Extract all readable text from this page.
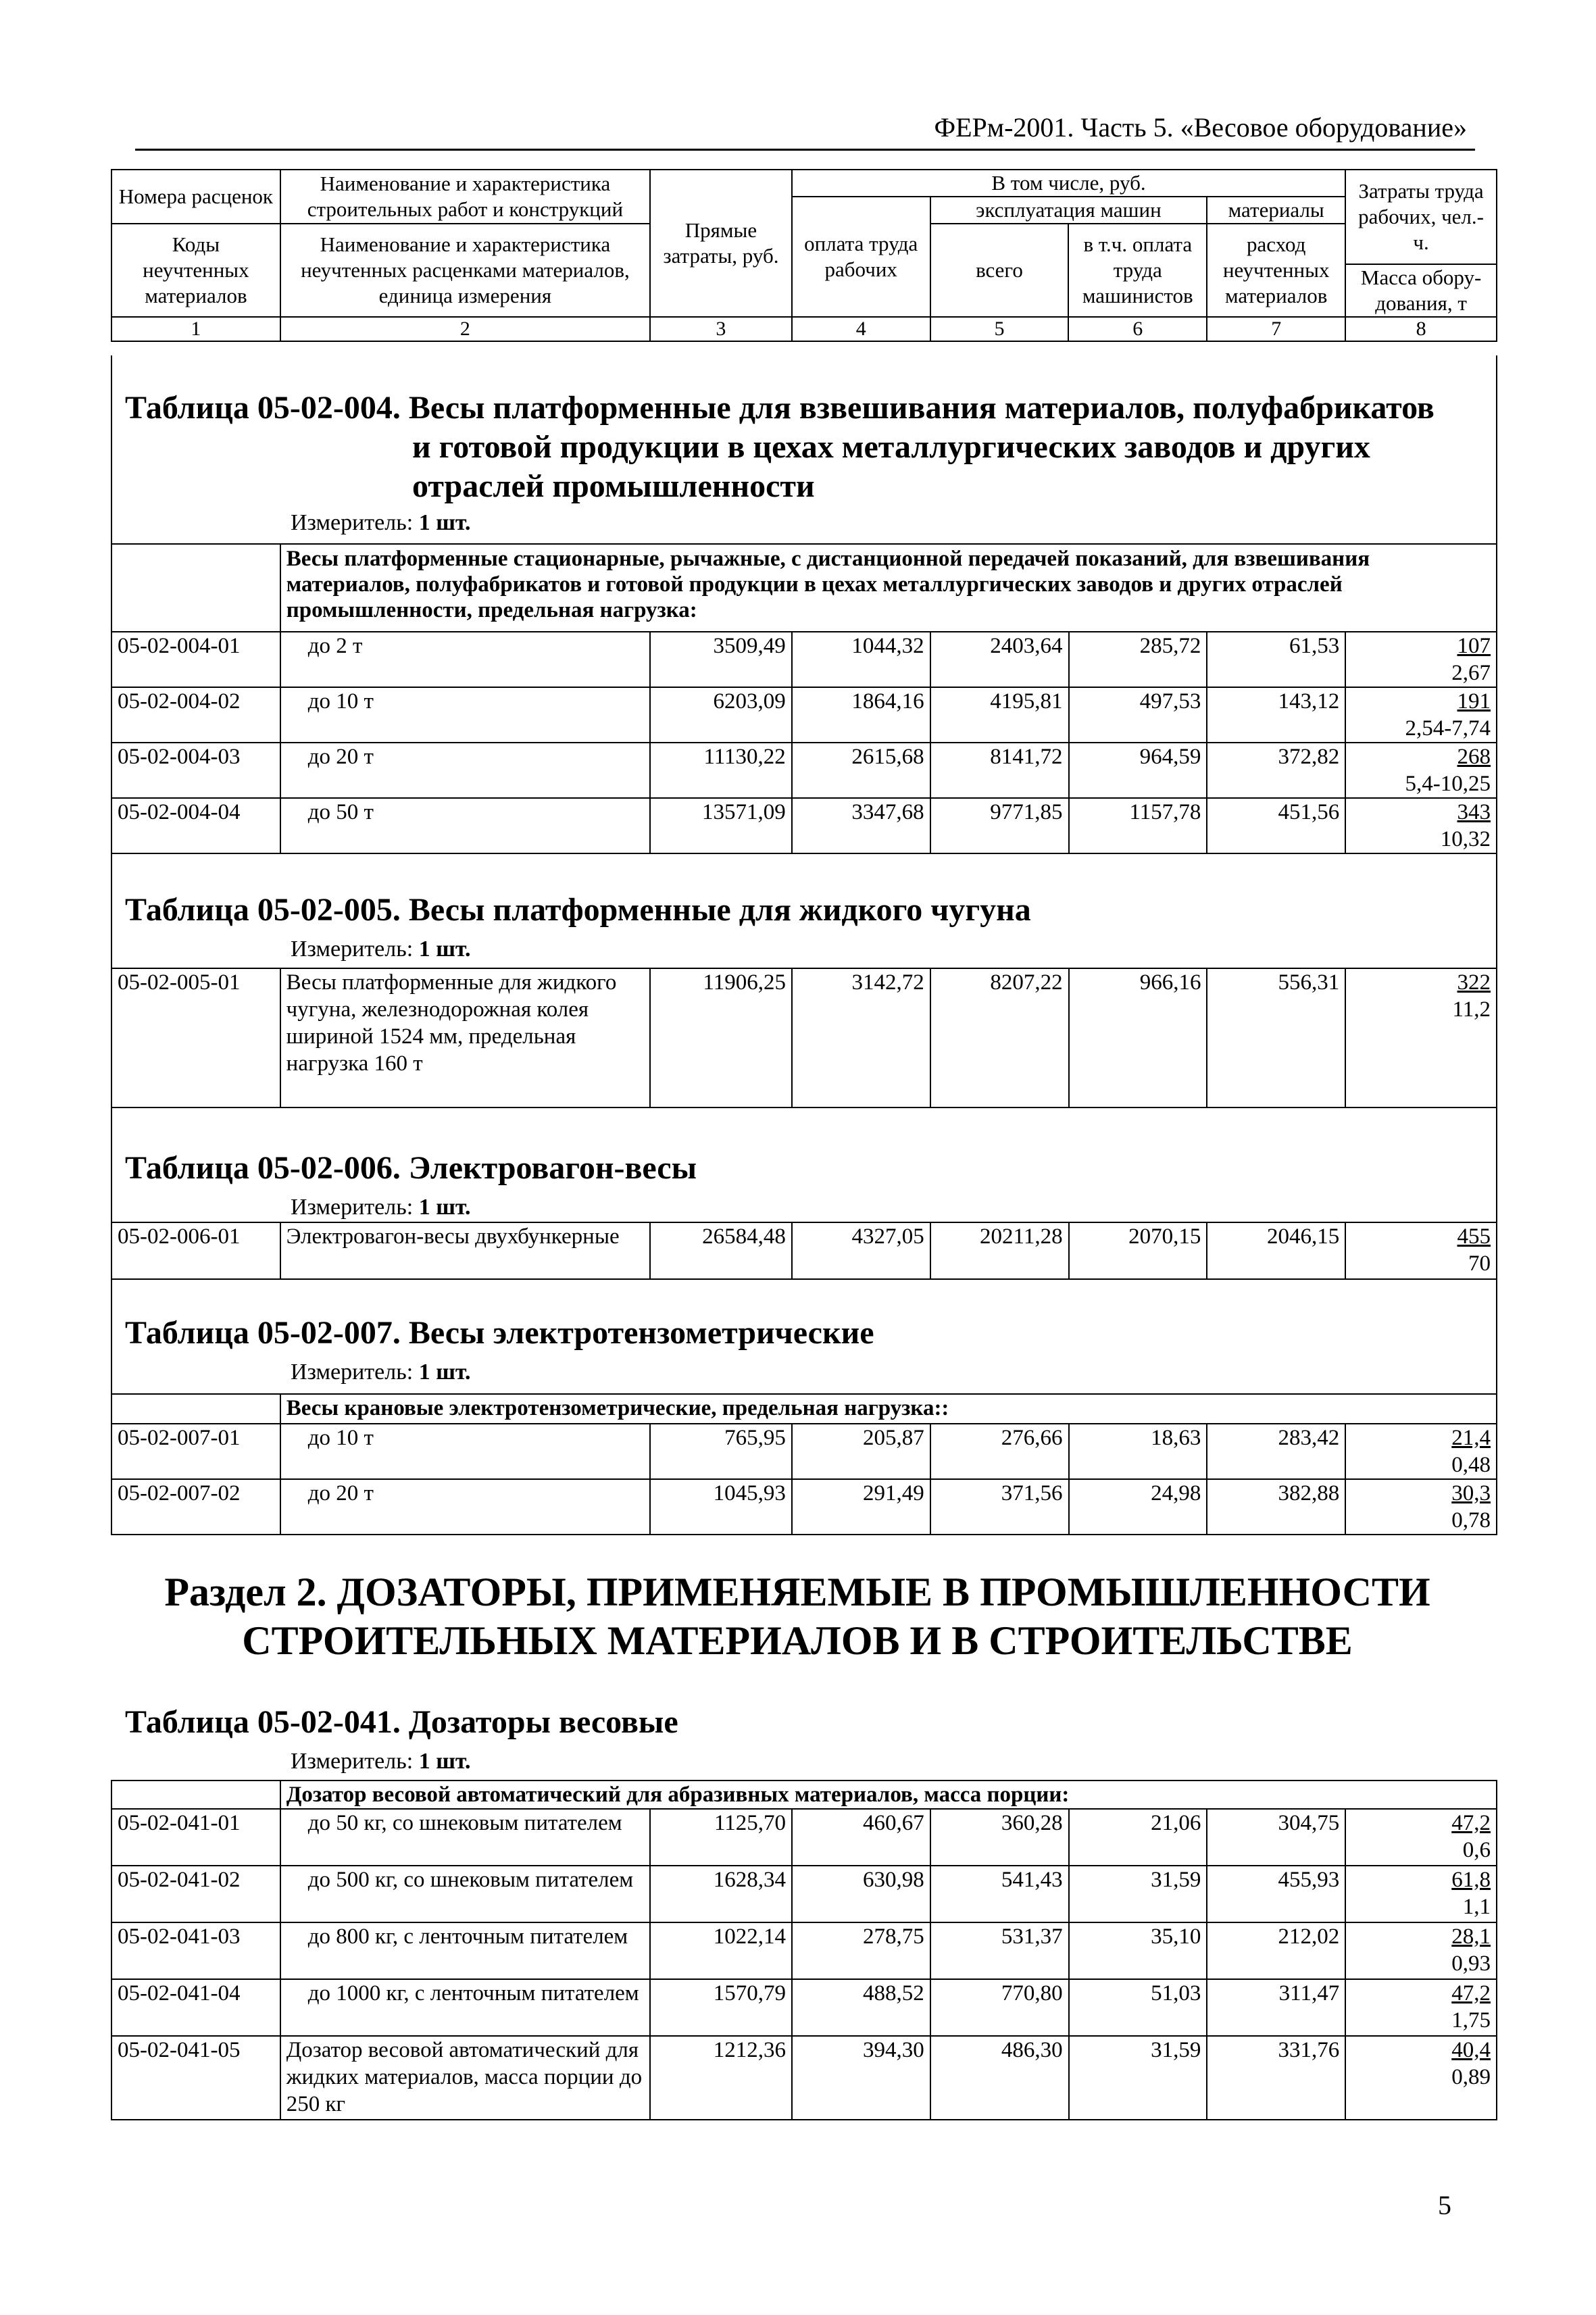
ФЕРм-2001. Часть 5. «Весовое оборудование»
Номера расценок	Наименование и характеристика строительных работ и конструкций	Прямые затраты, руб.	В том числе, руб.				Затраты труда рабочих, чел.-ч.
			оплата труда рабочих	эксплуатация машин		материалы	
Коды неучтенных материалов	Наименование и характеристика неучтенных расценками материалов, единица измерения			всего	в т.ч. оплата труда машинистов	расход неучтенных материалов	
							Масса обору-дования, т
1	2	3	4	5	6	7	8
Таблица 05-02-004. Весы платформенные для взвешивания материалов, полуфабрикатов
и готовой продукции в цехах металлургических заводов и других
отраслей промышленности
Измеритель: 1 шт.
	Весы платформенные стационарные, рычажные, с дистанционной передачей показаний, для взвешивания материалов, полуфабрикатов и готовой продукции в цехах металлургических заводов и других отраслей промышленности, предельная нагрузка:						
05-02-004-01	до 2 т	3509,49	1044,32	2403,64	285,72	61,53	107
2,67
05-02-004-02	до 10 т	6203,09	1864,16	4195,81	497,53	143,12	191
2,54-7,74
05-02-004-03	до 20 т	11130,22	2615,68	8141,72	964,59	372,82	268
5,4-10,25
05-02-004-04	до 50 т	13571,09	3347,68	9771,85	1157,78	451,56	343
10,32
Таблица 05-02-005. Весы платформенные для жидкого чугуна
Измеритель: 1 шт.
05-02-005-01	Весы платформенные для жидкого чугуна, железнодорожная колея шириной 1524 мм, предельная нагрузка 160 т	11906,25	3142,72	8207,22	966,16	556,31	322
11,2
Таблица 05-02-006. Электровагон-весы
Измеритель: 1 шт.
05-02-006-01	Электровагон-весы двухбункерные	26584,48	4327,05	20211,28	2070,15	2046,15	455
70
Таблица 05-02-007. Весы электротензометрические
Измеритель: 1 шт.
	Весы крановые электротензометрические, предельная нагрузка::						
05-02-007-01	до 10 т	765,95	205,87	276,66	18,63	283,42	21,4
0,48
05-02-007-02	до 20 т	1045,93	291,49	371,56	24,98	382,88	30,3
0,78
Раздел 2. ДОЗАТОРЫ, ПРИМЕНЯЕМЫЕ В ПРОМЫШЛЕННОСТИ
СТРОИТЕЛЬНЫХ МАТЕРИАЛОВ И В СТРОИТЕЛЬСТВЕ
Таблица 05-02-041. Дозаторы весовые
Измеритель: 1 шт.
	Дозатор весовой автоматический для абразивных материалов, масса порции:						
05-02-041-01	до 50 кг, со шнековым питателем	1125,70	460,67	360,28	21,06	304,75	47,2
0,6
05-02-041-02	до 500 кг, со шнековым питателем	1628,34	630,98	541,43	31,59	455,93	61,8
1,1
05-02-041-03	до 800 кг, с ленточным питателем	1022,14	278,75	531,37	35,10	212,02	28,1
0,93
05-02-041-04	до 1000 кг, с ленточным питателем	1570,79	488,52	770,80	51,03	311,47	47,2
1,75
05-02-041-05	Дозатор весовой автоматический для жидких материалов, масса порции до 250 кг	1212,36	394,30	486,30	31,59	331,76	40,4
0,89
5
